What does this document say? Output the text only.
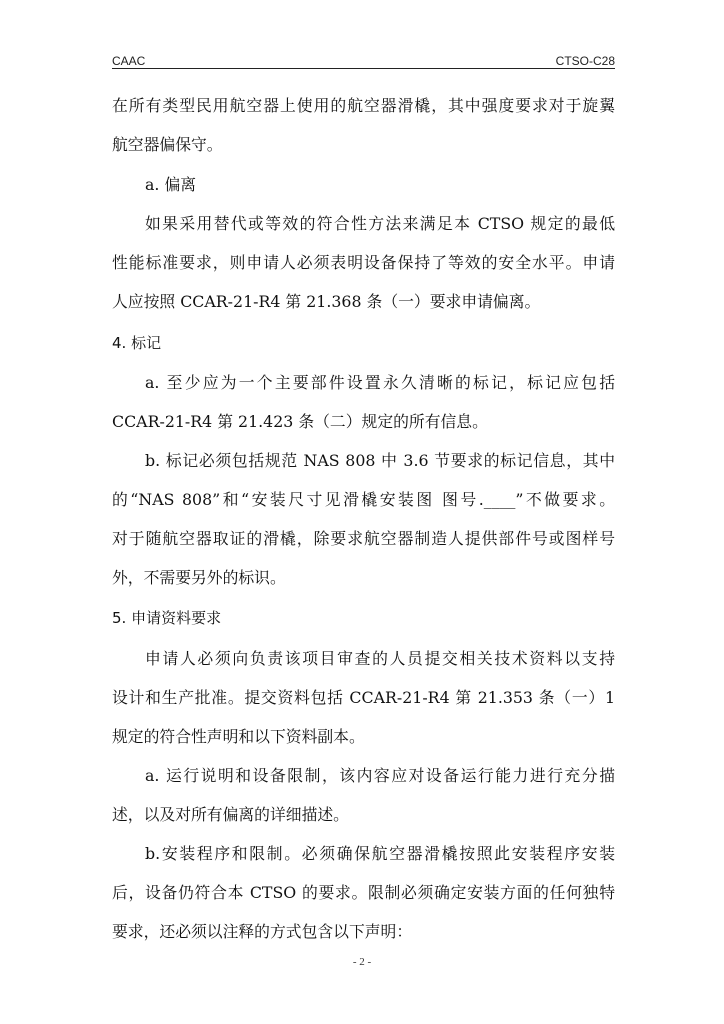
CAAC	CTSO-C28
在所有类型民用航空器上使用的航空器滑橇，其中强度要求对于旋翼
航空器偏保守。
a. 偏离
如果采用替代或等效的符合性方法来满足本 CTSO 规定的最低
性能标准要求，则申请人必须表明设备保持了等效的安全水平。申请
人应按照 CCAR-21-R4 第 21.368 条（一）要求申请偏离。
4. 标记
a. 至少应为一个主要部件设置永久清晰的标记，标记应包括
CCAR-21-R4 第 21.423 条（二）规定的所有信息。
b. 标记必须包括规范 NAS 808 中 3.6 节要求的标记信息，其中
的“NAS 808”和“安装尺寸见滑橇安装图 图号.____”不做要求。
对于随航空器取证的滑橇，除要求航空器制造人提供部件号或图样号
外，不需要另外的标识。
5. 申请资料要求
申请人必须向负责该项目审查的人员提交相关技术资料以支持
设计和生产批准。提交资料包括 CCAR-21-R4 第 21.353 条（一）1
规定的符合性声明和以下资料副本。
a. 运行说明和设备限制，该内容应对设备运行能力进行充分描
述，以及对所有偏离的详细描述。
b.安装程序和限制。必须确保航空器滑橇按照此安装程序安装
后，设备仍符合本 CTSO 的要求。限制必须确定安装方面的任何独特
要求，还必须以注释的方式包含以下声明：
- 2 -
